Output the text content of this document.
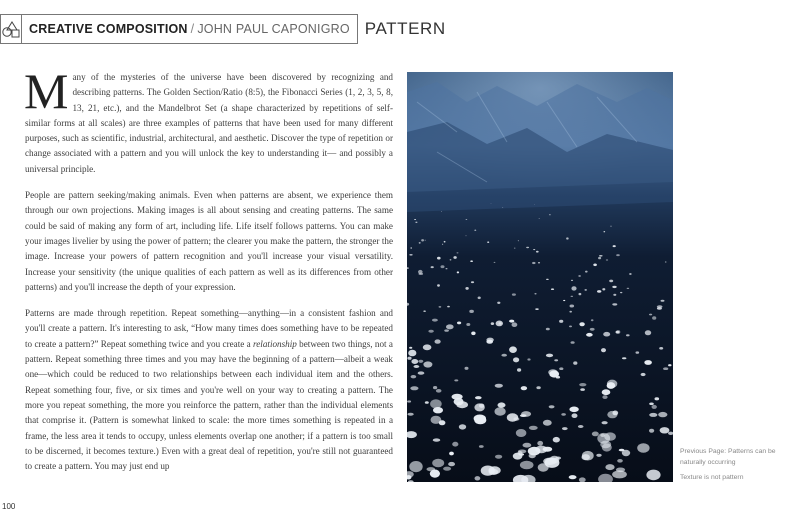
CREATIVE COMPOSITION / JOHN PAUL CAPONIGRO PATTERN

Many of the mysteries of the universe have been discovered by recognizing and describing patterns. The Golden Section/Ratio (8:5), the Fibonacci Series (1, 2, 3, 5, 8, 13, 21, etc.), and the Mandelbrot Set (a shape characterized by repetitions of self-similar forms at all scales) are three examples of patterns that have been used for many different purposes, such as scientific, industrial, architectural, and aesthetic. Discover the type of repetition or change associated with a pattern and you will unlock the key to understanding it— and possibly a universal principle.

People are pattern seeking/making animals. Even when patterns are absent, we experience them through our own projections. Making images is all about sensing and creating patterns. The same could be said of making any form of art, including life. Life itself follows patterns. You can make your images livelier by using the power of pattern; the clearer you make the pattern, the stronger the image. Increase your powers of pattern recognition and you'll increase your visual versatility. Increase your sensitivity (the unique qualities of each pattern as well as its differences from other patterns) and you'll increase the depth of your expression.

Patterns are made through repetition. Repeat something—anything—in a consistent fashion and you'll create a pattern. It's interesting to ask, “How many times does something have to be repeated to create a pattern?” Repeat something twice and you create a relationship between two things, not a pattern. Repeat something three times and you may have the beginning of a pattern—albeit a weak one—which could be reduced to two relationships between each individual item and the others. Repeat something four, five, or six times and you're well on your way to creating a pattern. The more you repeat something, the more you reinforce the pattern, rather than the individual elements that comprise it. (Pattern is somewhat linked to scale: the more times something is repeated in a frame, the less area it tends to occupy, unless elements overlap one another; if a pattern is too small to be discerned, it becomes texture.) Even with a great deal of repetition, you're still not guaranteed to create a pattern. You may just end up

Previous Page: Patterns can be naturally occurring
Texture is not pattern
100
